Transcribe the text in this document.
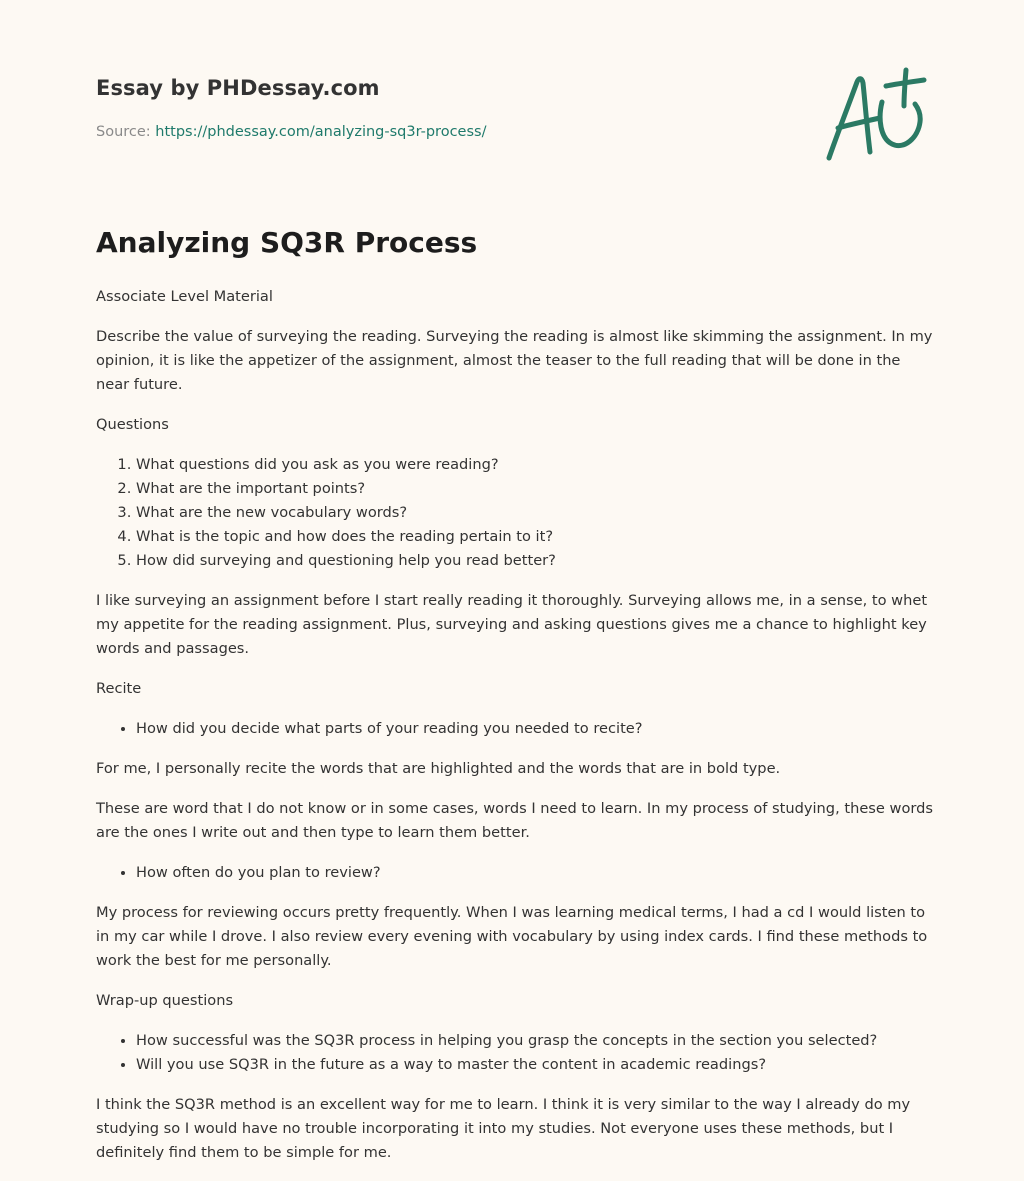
Essay by PHDessay.com
Source: https://phdessay.com/analyzing-sq3r-process/
Analyzing SQ3R Process

Associate Level Material

Describe the value of surveying the reading. Surveying the reading is almost like skimming the assignment. In my opinion, it is like the appetizer of the assignment, almost the teaser to the full reading that will be done in the near future.

Questions

1. What questions did you ask as you were reading?
2. What are the important points?
3. What are the new vocabulary words?
4. What is the topic and how does the reading pertain to it?
5. How did surveying and questioning help you read better?

I like surveying an assignment before I start really reading it thoroughly. Surveying allows me, in a sense, to whet my appetite for the reading assignment. Plus, surveying and asking questions gives me a chance to highlight key words and passages.

Recite

• How did you decide what parts of your reading you needed to recite?

For me, I personally recite the words that are highlighted and the words that are in bold type.

These are word that I do not know or in some cases, words I need to learn. In my process of studying, these words are the ones I write out and then type to learn them better.

• How often do you plan to review?

My process for reviewing occurs pretty frequently. When I was learning medical terms, I had a cd I would listen to in my car while I drove. I also review every evening with vocabulary by using index cards. I find these methods to work the best for me personally.

Wrap-up questions

• How successful was the SQ3R process in helping you grasp the concepts in the section you selected?
• Will you use SQ3R in the future as a way to master the content in academic readings?

I think the SQ3R method is an excellent way for me to learn. I think it is very similar to the way I already do my studying so I would have no trouble incorporating it into my studies. Not everyone uses these methods, but I definitely find them to be simple for me.
